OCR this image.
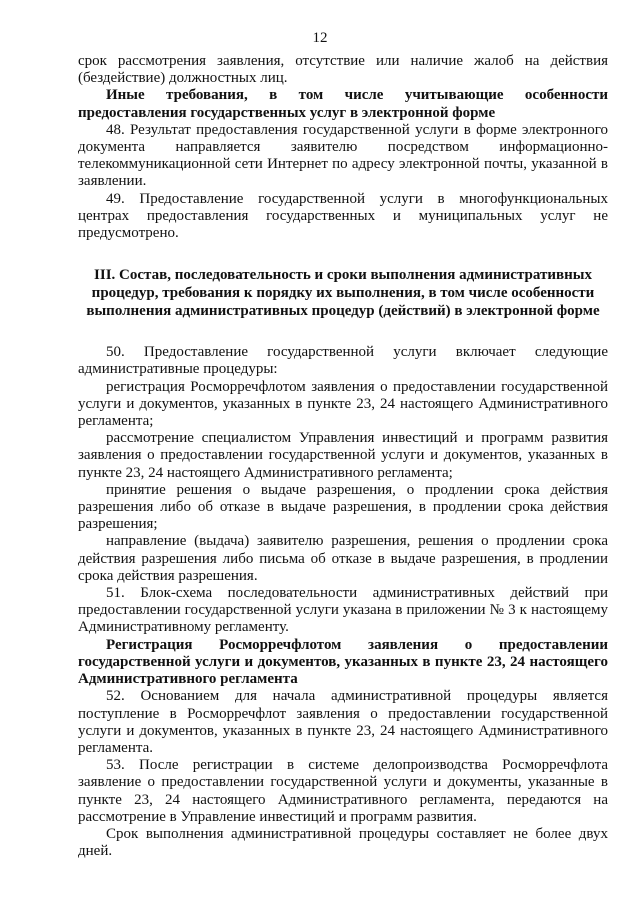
12

срок рассмотрения заявления, отсутствие или наличие жалоб на действия (бездействие) должностных лиц.

Иные требования, в том числе учитывающие особенности предоставления государственных услуг в электронной форме

48. Результат предоставления государственной услуги в форме электронного документа направляется заявителю посредством информационно-телекоммуникационной сети Интернет по адресу электронной почты, указанной в заявлении.

49. Предоставление государственной услуги в многофункциональных центрах предоставления государственных и муниципальных услуг не предусмотрено.

III. Состав, последовательность и сроки выполнения административных процедур, требования к порядку их выполнения, в том числе особенности выполнения административных процедур (действий) в электронной форме

50. Предоставление государственной услуги включает следующие административные процедуры:

регистрация Росморречфлотом заявления о предоставлении государственной услуги и документов, указанных в пункте 23, 24 настоящего Административного регламента;

рассмотрение специалистом Управления инвестиций и программ развития заявления о предоставлении государственной услуги и документов, указанных в пункте 23, 24 настоящего Административного регламента;

принятие решения о выдаче разрешения, о продлении срока действия разрешения либо об отказе в выдаче разрешения, в продлении срока действия разрешения;

направление (выдача) заявителю разрешения, решения о продлении срока действия разрешения либо письма об отказе в выдаче разрешения, в продлении срока действия разрешения.

51. Блок-схема последовательности административных действий при предоставлении государственной услуги указана в приложении № 3 к настоящему Административному регламенту.

Регистрация Росморречфлотом заявления о предоставлении государственной услуги и документов, указанных в пункте 23, 24 настоящего Административного регламента

52. Основанием для начала административной процедуры является поступление в Росморречфлот заявления о предоставлении государственной услуги и документов, указанных в пункте 23, 24 настоящего Административного регламента.

53. После регистрации в системе делопроизводства Росморречфлота заявление о предоставлении государственной услуги и документы, указанные в пункте 23, 24 настоящего Административного регламента, передаются на рассмотрение в Управление инвестиций и программ развития.

Срок выполнения административной процедуры составляет не более двух дней.
